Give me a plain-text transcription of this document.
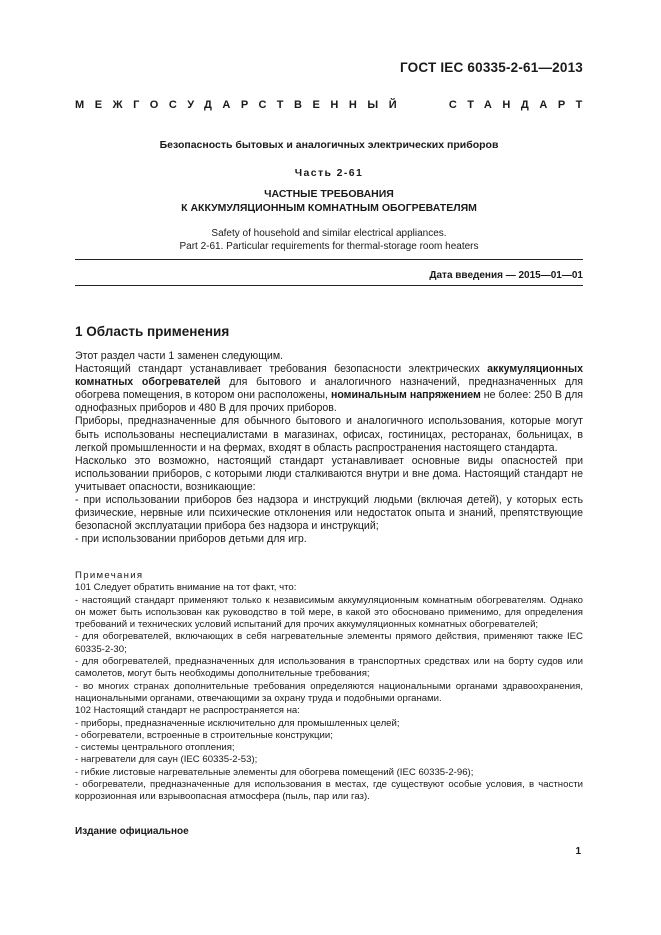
ГОСТ IEC 60335-2-61—2013
МЕЖГОСУДАРСТВЕННЫЙ	СТАНДАРТ
Безопасность бытовых и аналогичных электрических приборов
Часть 2-61
ЧАСТНЫЕ ТРЕБОВАНИЯ
К АККУМУЛЯЦИОННЫМ КОМНАТНЫМ ОБОГРЕВАТЕЛЯМ
Safety of household and similar electrical appliances.
Part 2-61. Particular requirements for thermal-storage room heaters
Дата введения — 2015—01—01
1 Область применения

Этот раздел части 1 заменен следующим.

Настоящий стандарт устанавливает требования безопасности электрических аккумуляционных комнатных обогревателей для бытового и аналогичного назначений, предназначенных для обогрева помещения, в котором они расположены, номинальным напряжением не более: 250 В для однофазных приборов и 480 В для прочих приборов.

Приборы, предназначенные для обычного бытового и аналогичного использования, которые могут быть использованы неспециалистами в магазинах, офисах, гостиницах, ресторанах, больницах, в легкой промышленности и на фермах, входят в область распространения настоящего стандарта.

Насколько это возможно, настоящий стандарт устанавливает основные виды опасностей при использовании приборов, с которыми люди сталкиваются внутри и вне дома. Настоящий стандарт не учитывает опасности, возникающие:

- при использовании приборов без надзора и инструкций людьми (включая детей), у которых есть физические, нервные или психические отклонения или недостаток опыта и знаний, препятствующие безопасной эксплуатации прибора без надзора и инструкций;

- при использовании приборов детьми для игр.

Примечания

101 Следует обратить внимание на тот факт, что:

- настоящий стандарт применяют только к независимым аккумуляционным комнатным обогревателям. Однако он может быть использован как руководство в той мере, в какой это обосновано применимо, для определения требований и технических условий испытаний для прочих аккумуляционных комнатных обогревателей;

- для обогревателей, включающих в себя нагревательные элементы прямого действия, применяют также IEC 60335-2-30;

- для обогревателей, предназначенных для использования в транспортных средствах или на борту судов или самолетов, могут быть необходимы дополнительные требования;

- во многих странах дополнительные требования определяются национальными органами здравоохранения, национальными органами, отвечающими за охрану труда и подобными органами.

102 Настоящий стандарт не распространяется на:

- приборы, предназначенные исключительно для промышленных целей;

- обогреватели, встроенные в строительные конструкции;

- системы центрального отопления;

- нагреватели для саун (IEC 60335-2-53);

- гибкие листовые нагревательные элементы для обогрева помещений (IEC 60335-2-96);

- обогреватели, предназначенные для использования в местах, где существуют особые условия, в частности коррозионная или взрывоопасная атмосфера (пыль, пар или газ).

Издание официальное
1
